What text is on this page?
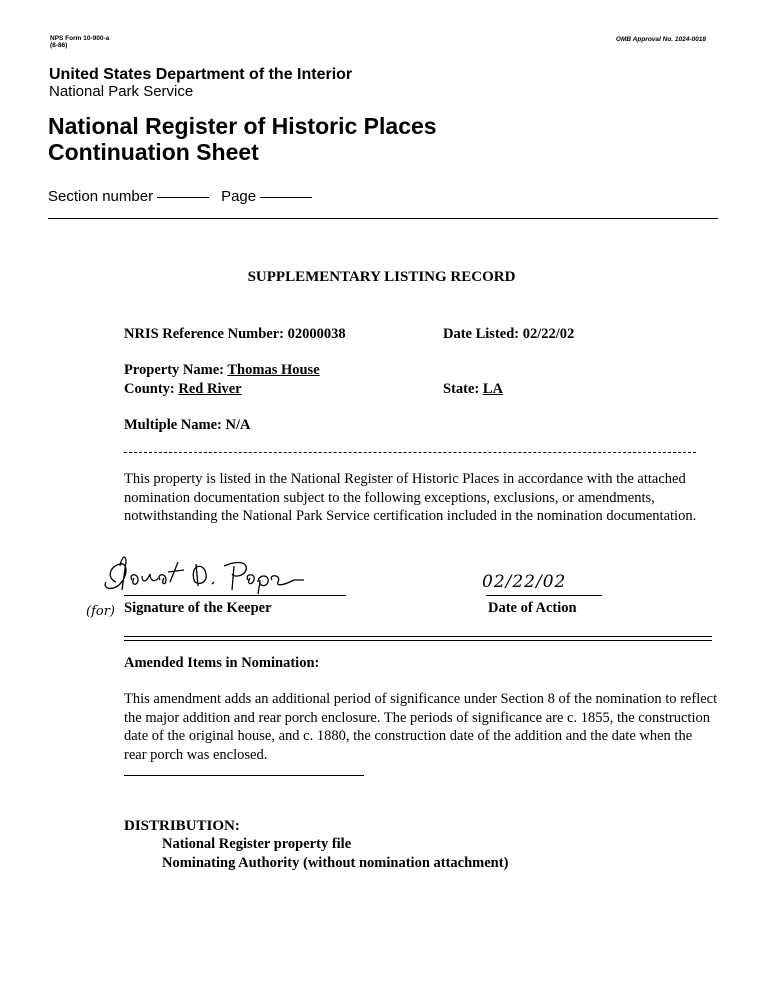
NPS Form 10-900-a
(8-86)
OMB Approval No. 1024-0018
United States Department of the Interior
National Park Service
National Register of Historic Places
Continuation Sheet
Section number	Page
SUPPLEMENTARY LISTING RECORD
NRIS Reference Number: 02000038	Date Listed: 02/22/02
Property Name: Thomas House
County: Red River	State: LA
Multiple Name: N/A
This property is listed in the National Register of Historic Places in accordance with the attached nomination documentation subject to the following exceptions, exclusions, or amendments, notwithstanding the National Park Service certification included in the nomination documentation.
(for) Signature of the Keeper
02/22/02
Date of Action
Amended Items in Nomination:
This amendment adds an additional period of significance under Section 8 of the nomination to reflect the major addition and rear porch enclosure. The periods of significance are c. 1855, the construction date of the original house, and c. 1880, the construction date of the addition and the date when the rear porch was enclosed.
DISTRIBUTION:
National Register property file
Nominating Authority (without nomination attachment)
